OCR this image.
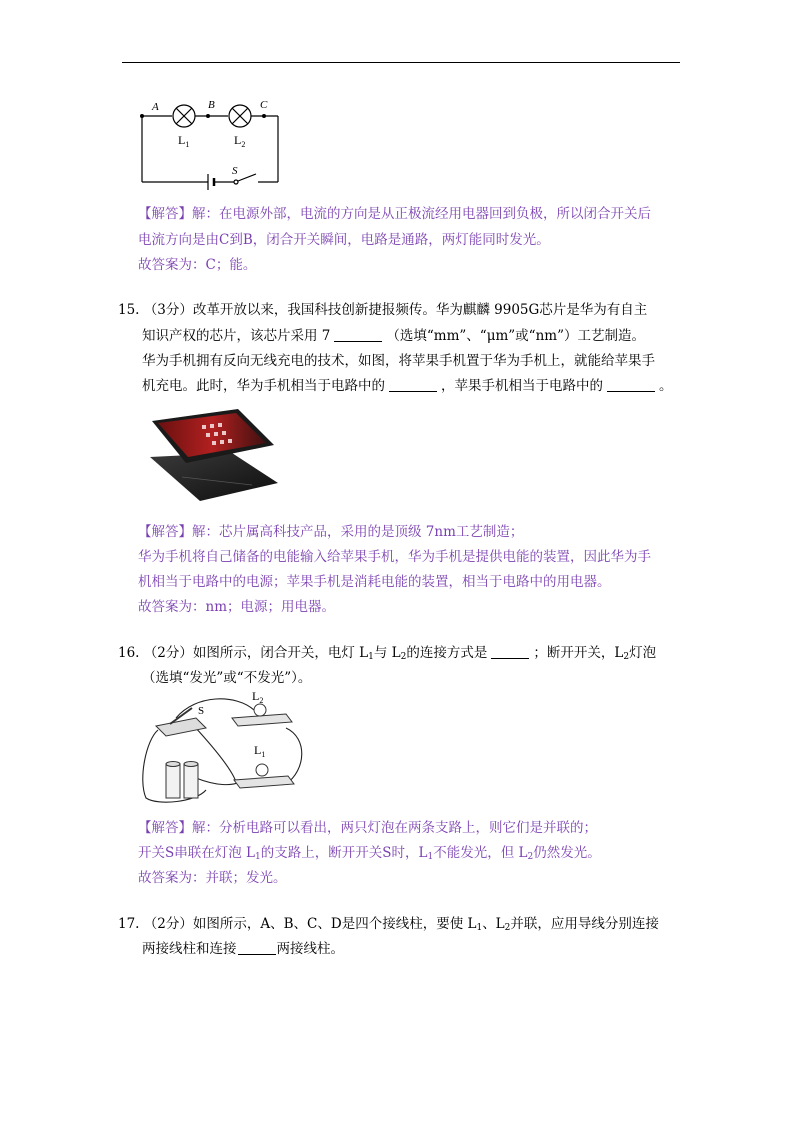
A	B	C
$L_1$	$L_2$
S
【解答】解：在电源外部，电流的方向是从正极流经用电器回到负极，所以闭合开关后
电流方向是由C到B，闭合开关瞬间，电路是通路，两灯能同时发光。
故答案为：C；能。
15. （3分）改革开放以来，我国科技创新捷报频传。华为麒麟 9905G芯片是华为有自主
知识产权的芯片，该芯片采用 7	（选填“mm”、“μm”或“nm”）工艺制造。
华为手机拥有反向无线充电的技术，如图，将苹果手机置于华为手机上，就能给苹果手
机充电。此时，华为手机相当于电路中的	，苹果手机相当于电路中的	。
【解答】解：芯片属高科技产品，采用的是顶级 7nm工艺制造；
华为手机将自己储备的电能输入给苹果手机，华为手机是提供电能的装置，因此华为手
机相当于电路中的电源；苹果手机是消耗电能的装置，相当于电路中的用电器。
故答案为：nm；电源；用电器。
16. （2分）如图所示，闭合开关，电灯 $L_1$与 $L_2$的连接方式是	；断开开关，$L_2$灯泡
（选填“发光”或“不发光”）。
S
$L_2$
$L_1$
【解答】解：分析电路可以看出，两只灯泡在两条支路上，则它们是并联的；
开关S串联在灯泡 $L_1$的支路上，断开开关S时，$L_1$不能发光，但 $L_2$仍然发光。
故答案为：并联；发光。
17. （2分）如图所示，A、B、C、D是四个接线柱，要使 $L_1$、$L_2$并联，应用导线分别连接
两接线柱和连接	两接线柱。
